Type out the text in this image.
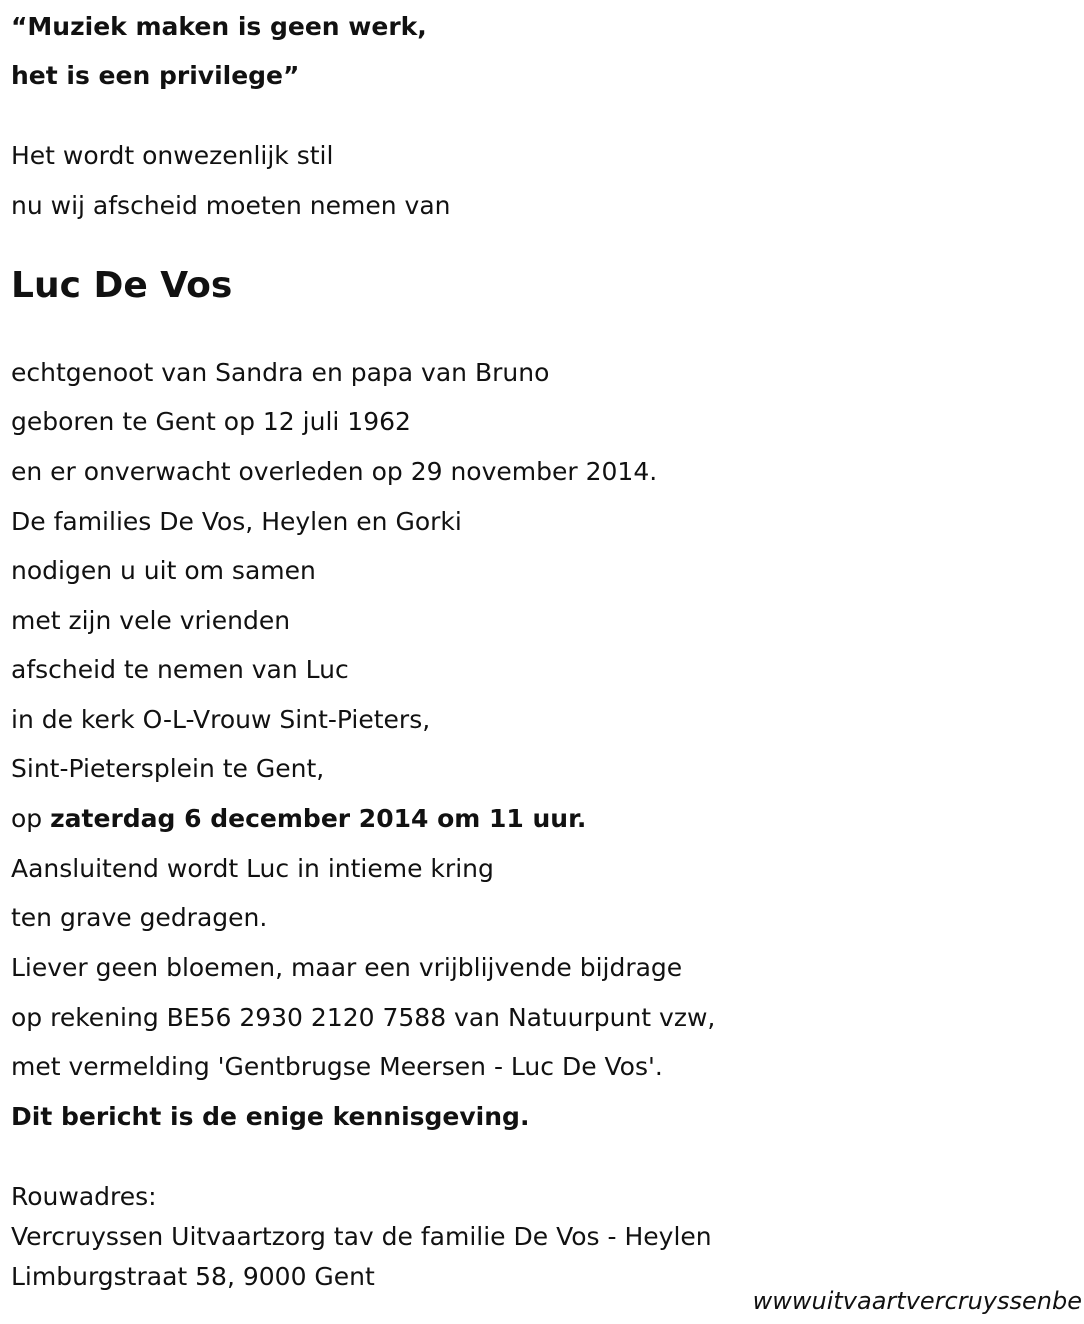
“Muziek maken is geen werk,

het is een privilege”

Het wordt onwezenlijk stil

nu wij afscheid moeten nemen van

Luc De Vos

echtgenoot van Sandra en papa van Bruno

geboren te Gent op 12 juli 1962

en er onverwacht overleden op 29 november 2014.

De families De Vos, Heylen en Gorki

nodigen u uit om samen

met zijn vele vrienden

afscheid te nemen van Luc

in de kerk O-L-Vrouw Sint-Pieters,

Sint-Pietersplein te Gent,

op zaterdag 6 december 2014 om 11 uur.

Aansluitend wordt Luc in intieme kring

ten grave gedragen.

Liever geen bloemen, maar een vrijblijvende bijdrage

op rekening BE56 2930 2120 7588 van Natuurpunt vzw,

met vermelding 'Gentbrugse Meersen - Luc De Vos'.

Dit bericht is de enige kennisgeving.

Rouwadres:

Vercruyssen Uitvaartzorg tav de familie De Vos - Heylen

Limburgstraat 58, 9000 Gent

wwwuitvaartvercruyssenbe
